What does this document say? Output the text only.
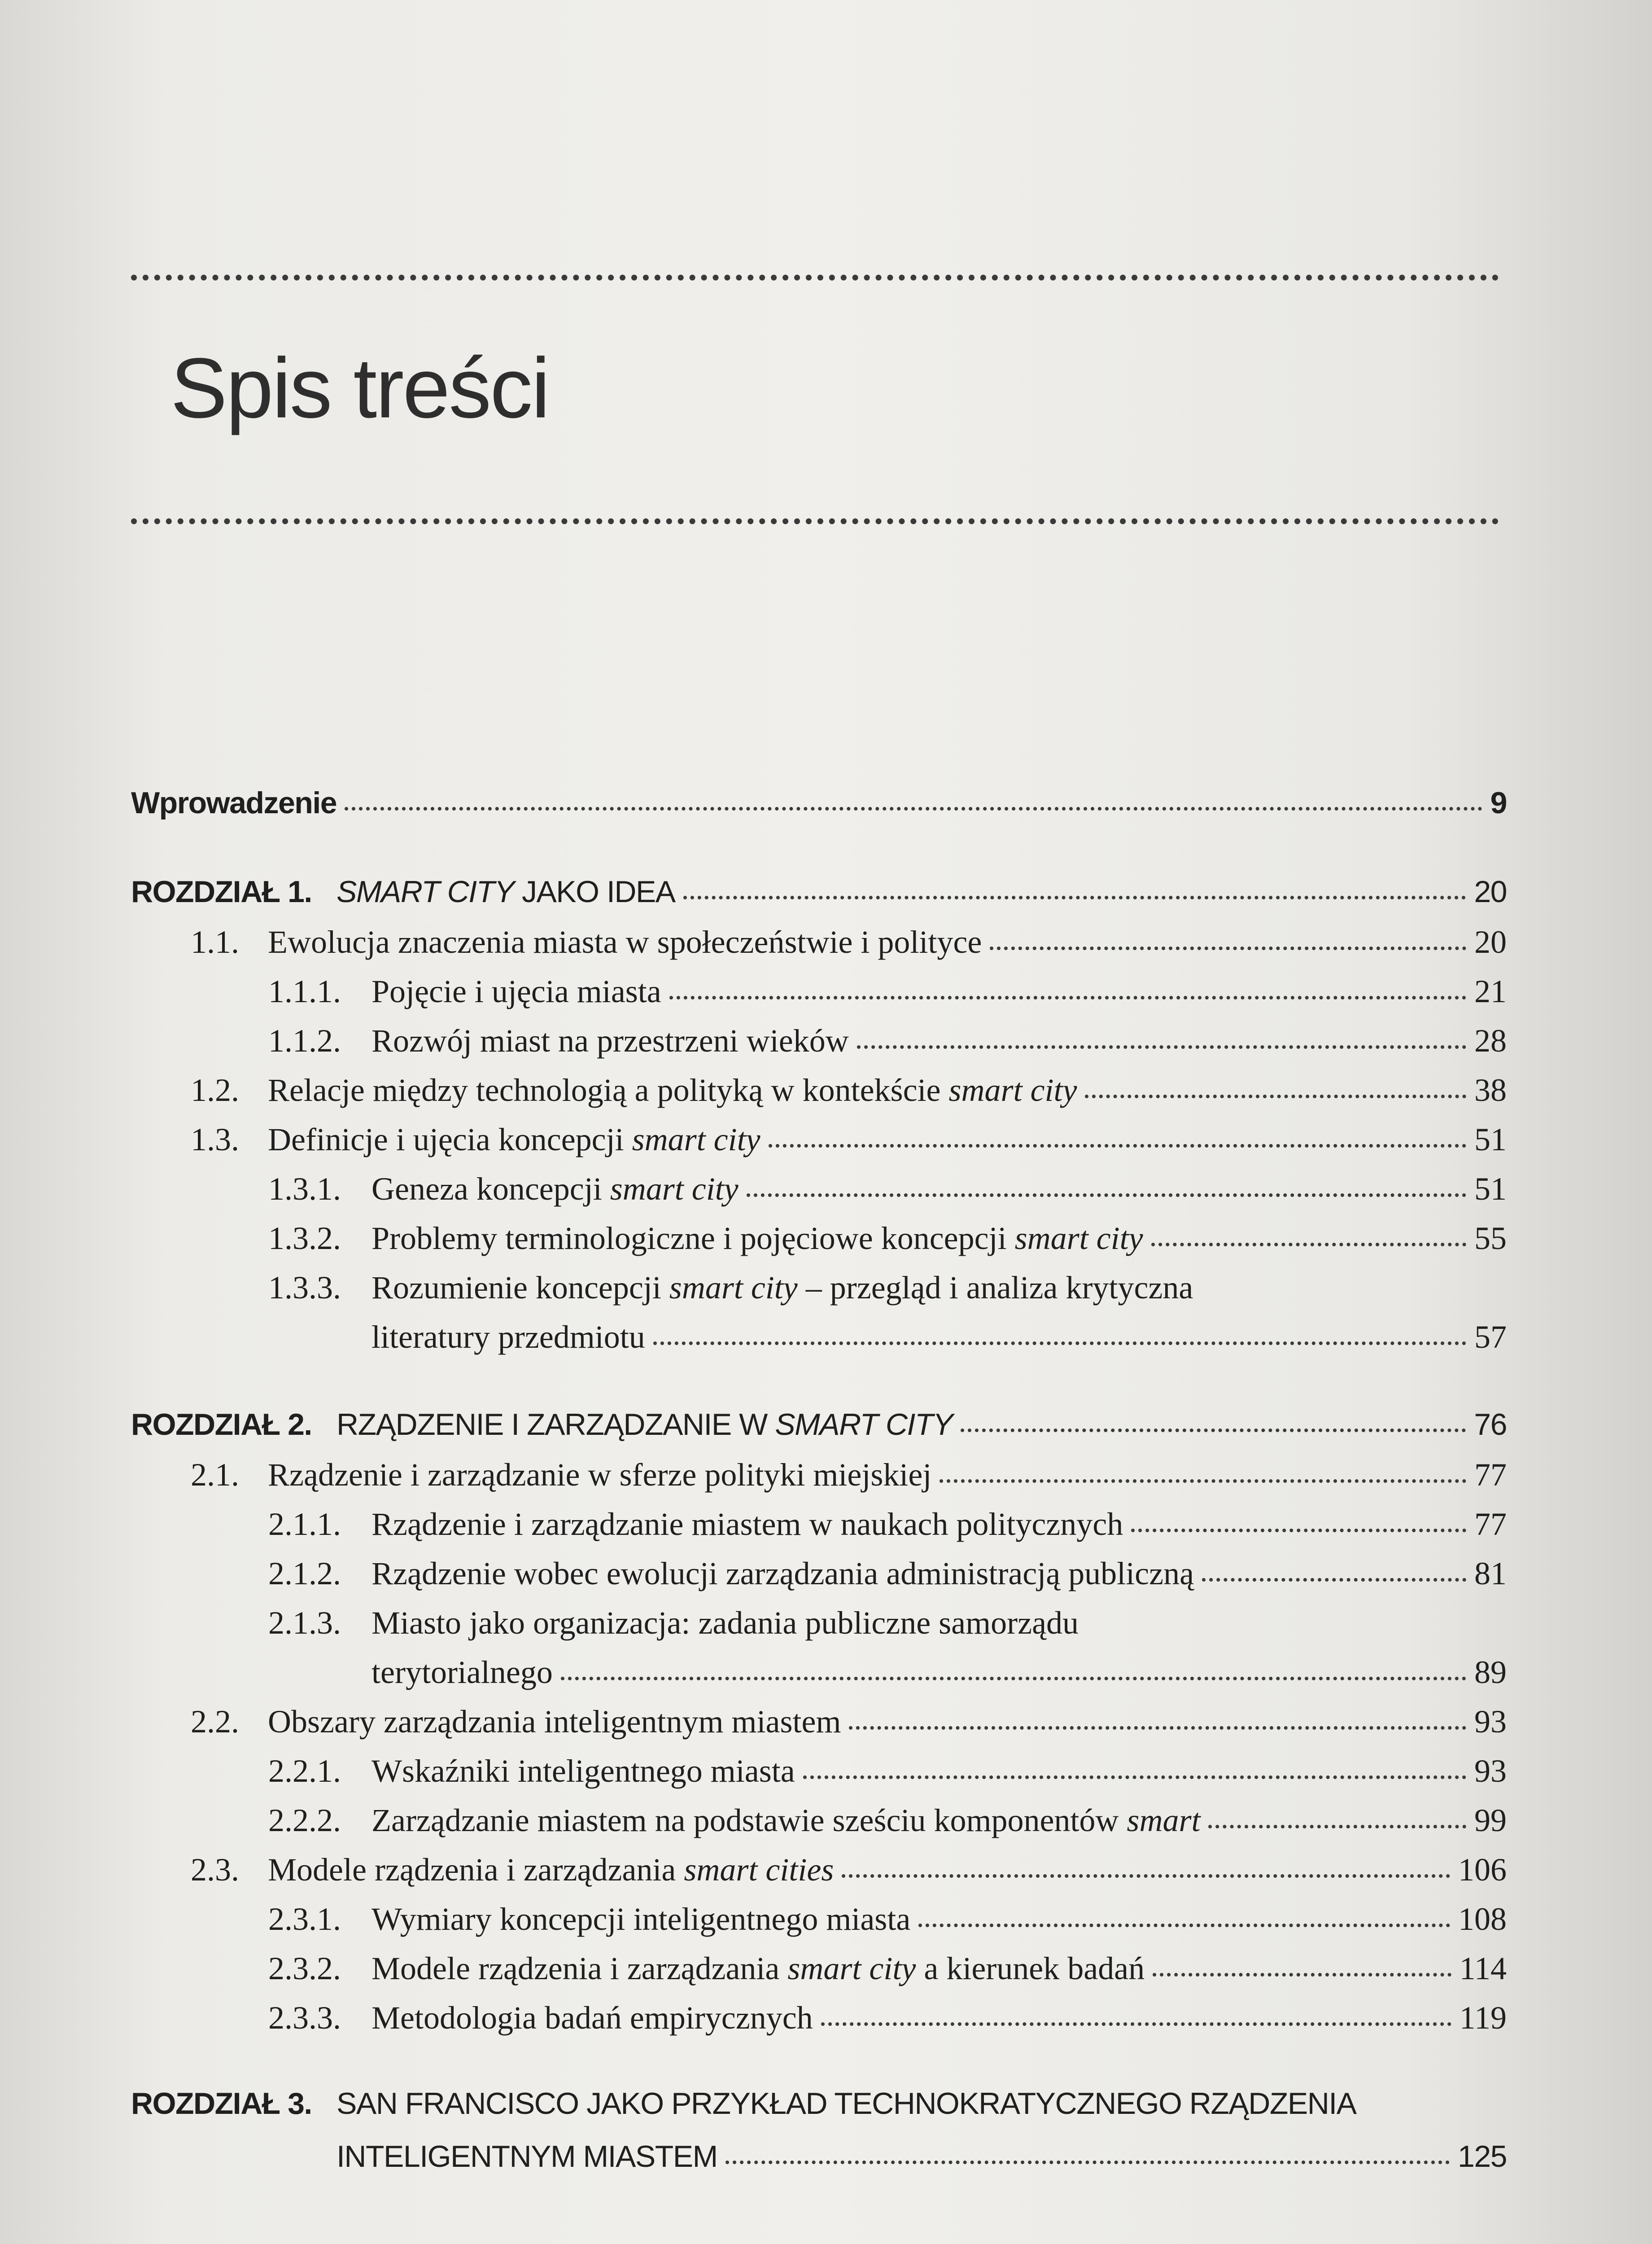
Spis treści
Wprowadzenie	9
ROZDZIAŁ 1. SMART CITY JAKO IDEA	20
1.1. Ewolucja znaczenia miasta w społeczeństwie i polityce	20
1.1.1. Pojęcie i ujęcia miasta	21
1.1.2. Rozwój miast na przestrzeni wieków	28
1.2. Relacje między technologią a polityką w kontekście smart city	38
1.3. Definicje i ujęcia koncepcji smart city	51
1.3.1. Geneza koncepcji smart city	51
1.3.2. Problemy terminologiczne i pojęciowe koncepcji smart city	55
1.3.3. Rozumienie koncepcji smart city – przegląd i analiza krytyczna
literatury przedmiotu	57
ROZDZIAŁ 2. RZĄDZENIE I ZARZĄDZANIE W SMART CITY	76
2.1. Rządzenie i zarządzanie w sferze polityki miejskiej	77
2.1.1. Rządzenie i zarządzanie miastem w naukach politycznych	77
2.1.2. Rządzenie wobec ewolucji zarządzania administracją publiczną	81
2.1.3. Miasto jako organizacja: zadania publiczne samorządu
terytorialnego	89
2.2. Obszary zarządzania inteligentnym miastem	93
2.2.1. Wskaźniki inteligentnego miasta	93
2.2.2. Zarządzanie miastem na podstawie sześciu komponentów smart	99
2.3. Modele rządzenia i zarządzania smart cities	106
2.3.1. Wymiary koncepcji inteligentnego miasta	108
2.3.2. Modele rządzenia i zarządzania smart city a kierunek badań	114
2.3.3. Metodologia badań empirycznych	119
ROZDZIAŁ 3. SAN FRANCISCO JAKO PRZYKŁAD TECHNOKRATYCZNEGO RZĄDZENIA
INTELIGENTNYM MIASTEM	125
